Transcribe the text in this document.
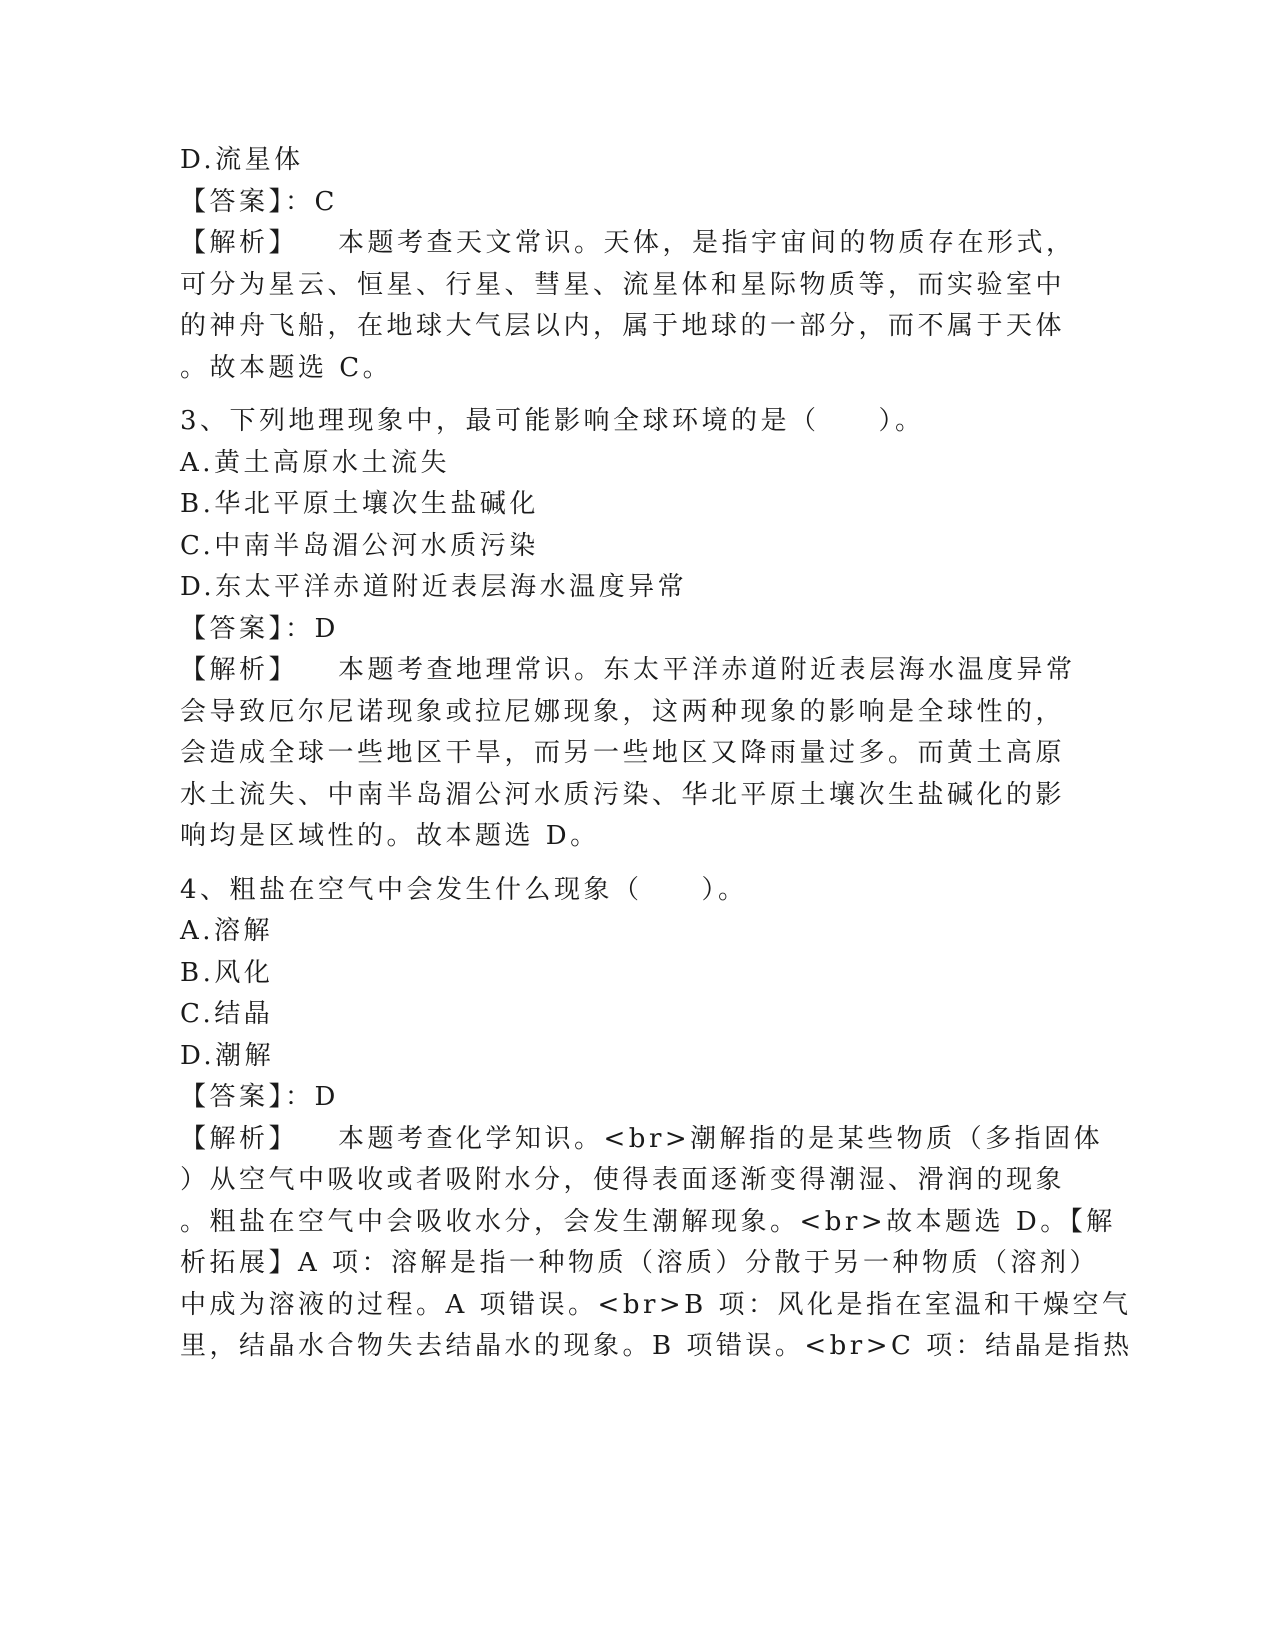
D.流星体
【答案】：C
【解析】 本题考查天文常识。天体，是指宇宙间的物质存在形式，
可分为星云、恒星、行星、彗星、流星体和星际物质等，而实验室中
的神舟飞船，在地球大气层以内，属于地球的一部分，而不属于天体
。故本题选 C。
3、下列地理现象中，最可能影响全球环境的是（　　）。
A.黄土高原水土流失
B.华北平原土壤次生盐碱化
C.中南半岛湄公河水质污染
D.东太平洋赤道附近表层海水温度异常
【答案】：D
【解析】 本题考查地理常识。东太平洋赤道附近表层海水温度异常
会导致厄尔尼诺现象或拉尼娜现象，这两种现象的影响是全球性的，
会造成全球一些地区干旱，而另一些地区又降雨量过多。而黄土高原
水土流失、中南半岛湄公河水质污染、华北平原土壤次生盐碱化的影
响均是区域性的。故本题选 D。
4、粗盐在空气中会发生什么现象（　　）。
A.溶解
B.风化
C.结晶
D.潮解
【答案】：D
【解析】 本题考查化学知识。<br>潮解指的是某些物质（多指固体
）从空气中吸收或者吸附水分，使得表面逐渐变得潮湿、滑润的现象
。粗盐在空气中会吸收水分，会发生潮解现象。<br>故本题选 D。【解
析拓展】A 项：溶解是指一种物质（溶质）分散于另一种物质（溶剂）
中成为溶液的过程。A 项错误。<br>B 项：风化是指在室温和干燥空气
里，结晶水合物失去结晶水的现象。B 项错误。<br>C 项：结晶是指热
